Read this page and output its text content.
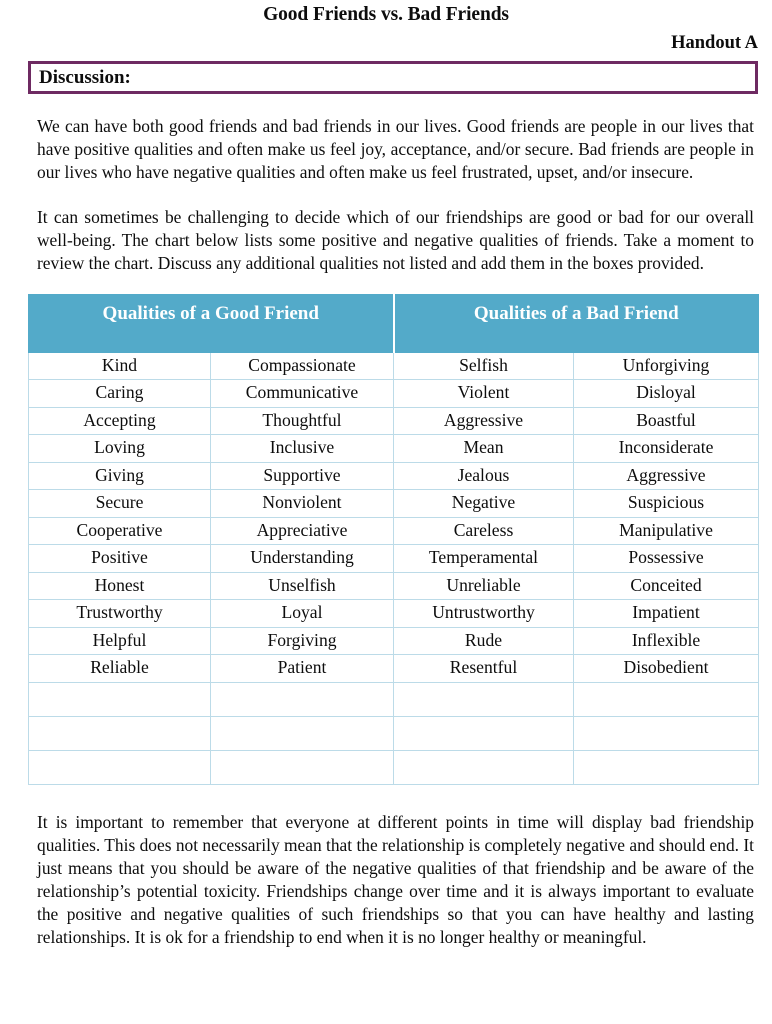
Good Friends vs. Bad Friends
Handout A
Discussion:

We can have both good friends and bad friends in our lives. Good friends are people in our lives that have positive qualities and often make us feel joy, acceptance, and/or secure. Bad friends are people in our lives who have negative qualities and often make us feel frustrated, upset, and/or insecure.

It can sometimes be challenging to decide which of our friendships are good or bad for our overall well-being. The chart below lists some positive and negative qualities of friends. Take a moment to review the chart. Discuss any additional qualities not listed and add them in the boxes provided.

Qualities of a Good Friend		Qualities of a Bad Friend	
Kind	Compassionate	Selfish	Unforgiving
Caring	Communicative	Violent	Disloyal
Accepting	Thoughtful	Aggressive	Boastful
Loving	Inclusive	Mean	Inconsiderate
Giving	Supportive	Jealous	Aggressive
Secure	Nonviolent	Negative	Suspicious
Cooperative	Appreciative	Careless	Manipulative
Positive	Understanding	Temperamental	Possessive
Honest	Unselfish	Unreliable	Conceited
Trustworthy	Loyal	Untrustworthy	Impatient
Helpful	Forgiving	Rude	Inflexible
Reliable	Patient	Resentful	Disobedient

It is important to remember that everyone at different points in time will display bad friendship qualities. This does not necessarily mean that the relationship is completely negative and should end. It just means that you should be aware of the negative qualities of that friendship and be aware of the relationship’s potential toxicity. Friendships change over time and it is always important to evaluate the positive and negative qualities of such friendships so that you can have healthy and lasting relationships. It is ok for a friendship to end when it is no longer healthy or meaningful.
